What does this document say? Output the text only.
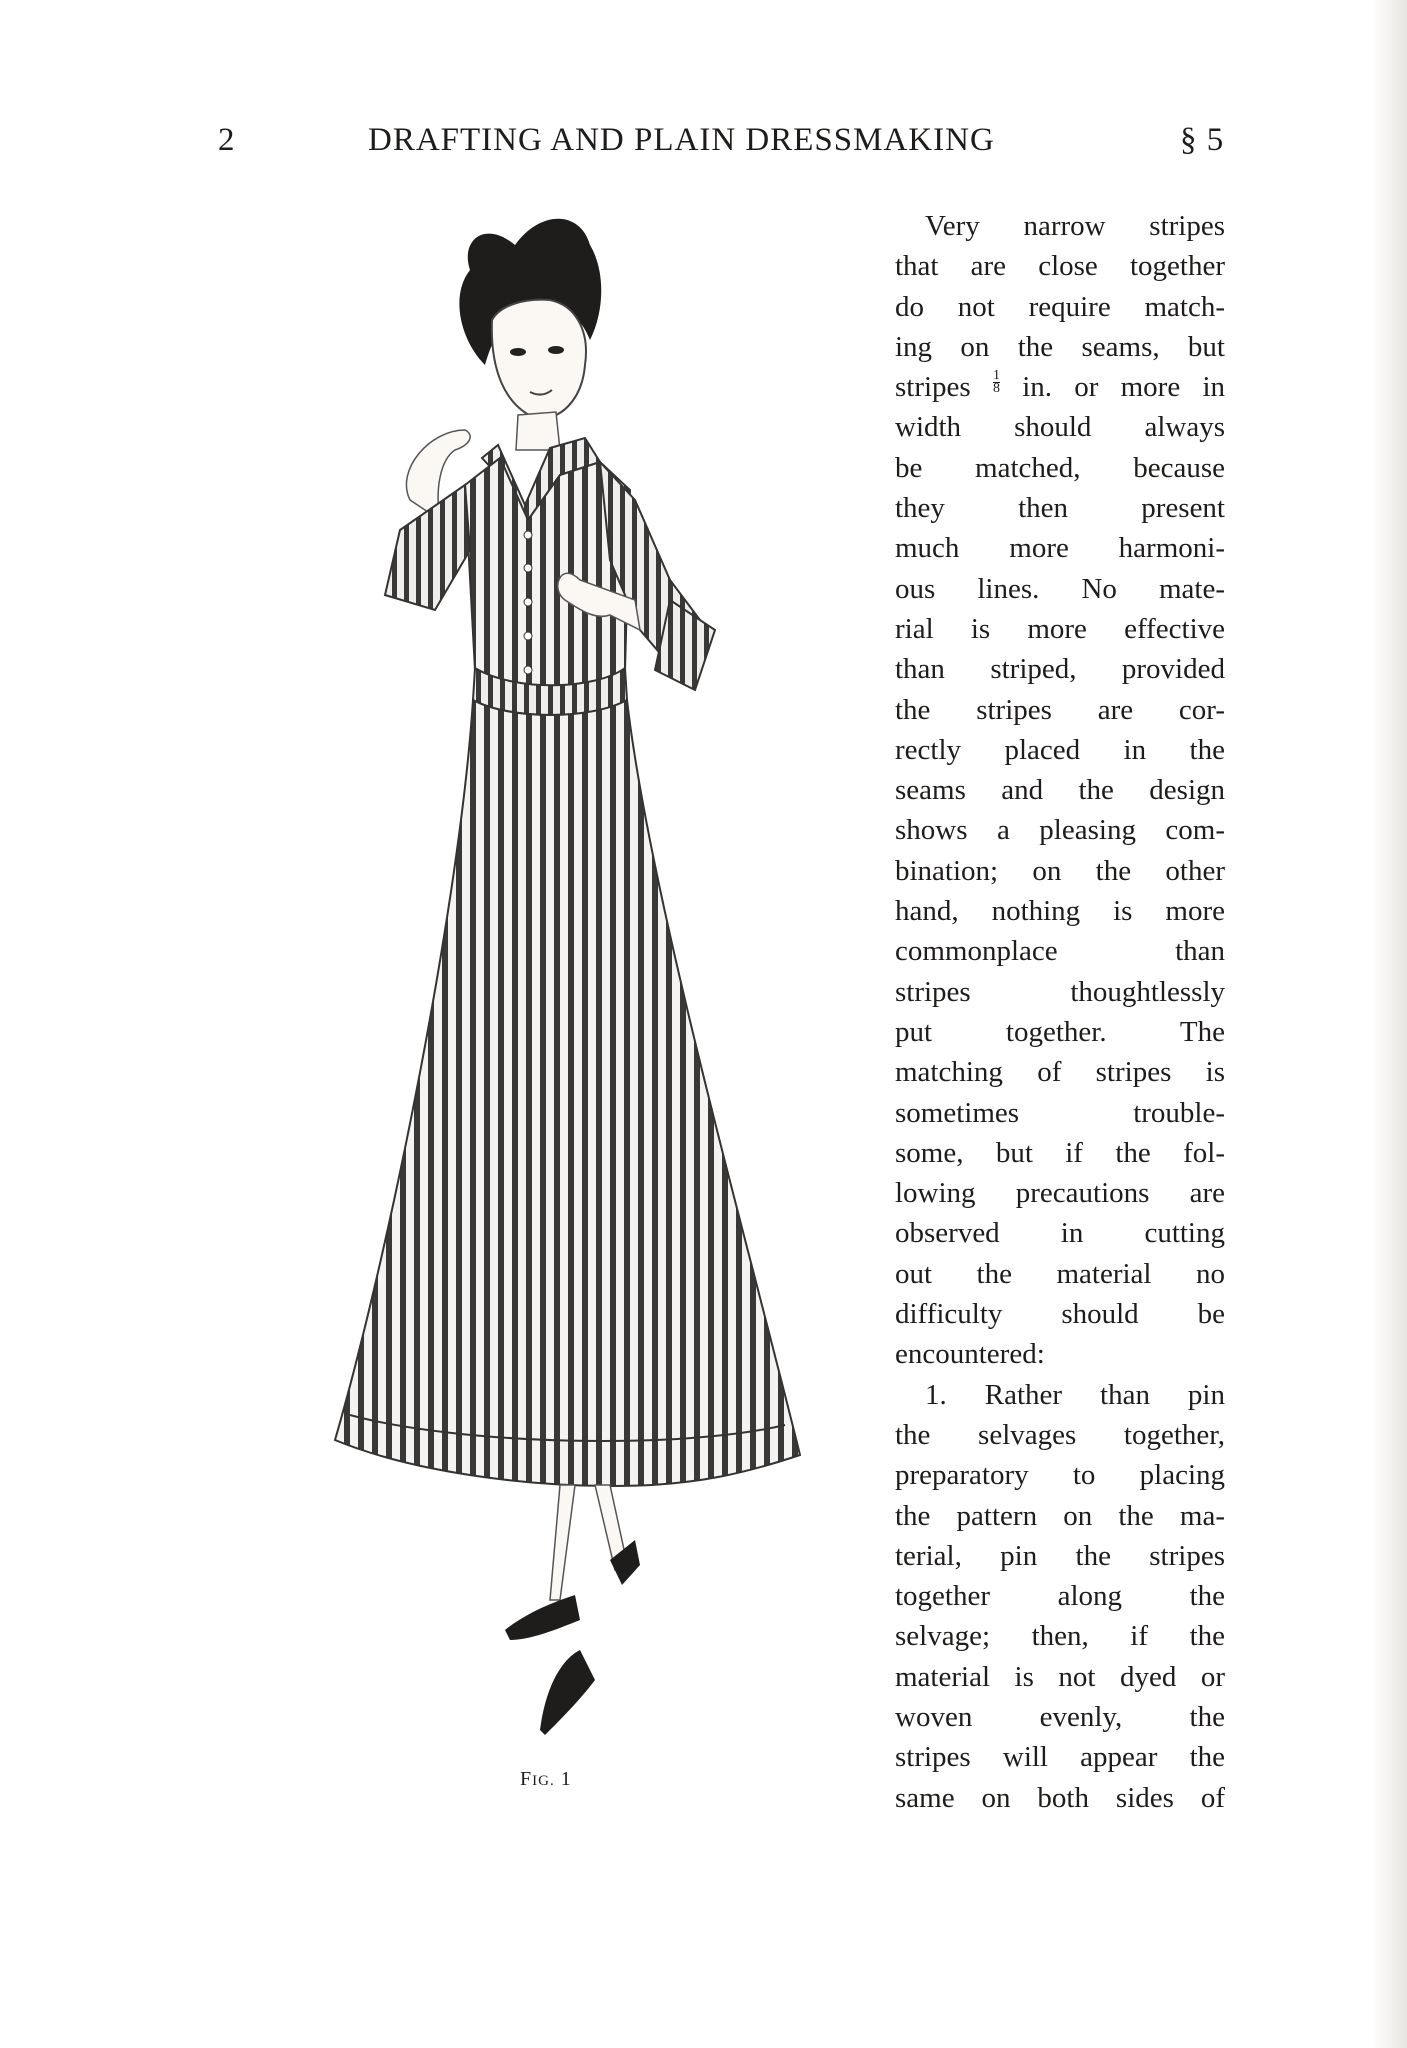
2	DRAFTING AND PLAIN DRESSMAKING	§ 5
FIG. 1
Very narrow stripes
that are close together
do not require match-
ing on the seams, but
stripes $\frac{1}{8}$ in. or more in
width should always
be matched, because
they then present
much more harmoni-
ous lines. No mate-
rial is more effective
than striped, provided
the stripes are cor-
rectly placed in the
seams and the design
shows a pleasing com-
bination; on the other
hand, nothing is more
commonplace than
stripes thoughtlessly
put together. The
matching of stripes is
sometimes trouble-
some, but if the fol-
lowing precautions are
observed in cutting
out the material no
difficulty should be
encountered:
1. Rather than pin
the selvages together,
preparatory to placing
the pattern on the ma-
terial, pin the stripes
together along the
selvage; then, if the
material is not dyed or
woven evenly, the
stripes will appear the
same on both sides of
